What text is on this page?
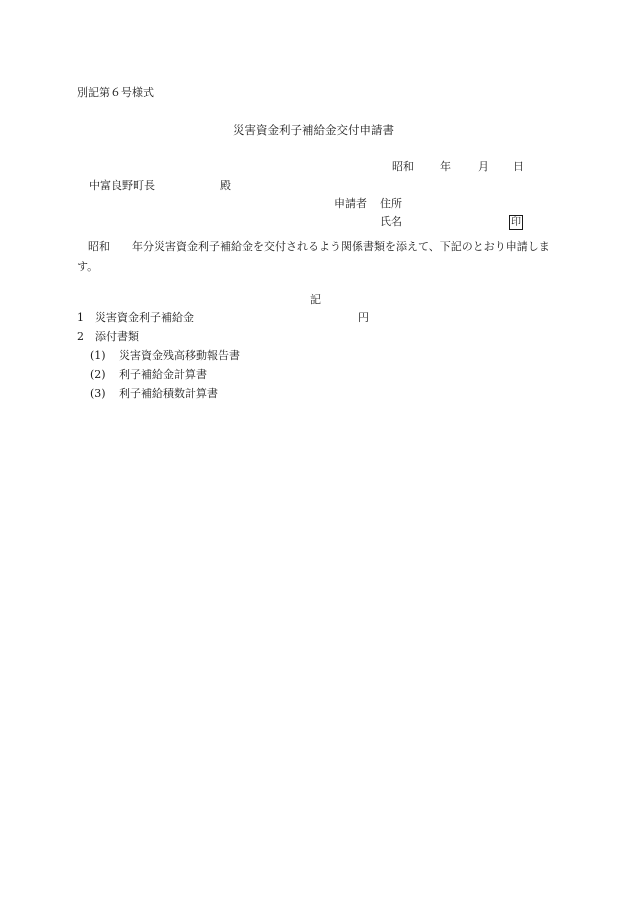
別記第６号様式
災害資金利子補給金交付申請書
昭和 年 月 日
中富良野町長	殿
申請者 住所
氏名	印
昭和　　年分災害資金利子補給金を交付されるよう関係書類を添えて、下記のとおり申請します。
記
1 災害資金利子補給金	円
2 添付書類
(1) 災害資金残高移動報告書
(2) 利子補給金計算書
(3) 利子補給積数計算書
